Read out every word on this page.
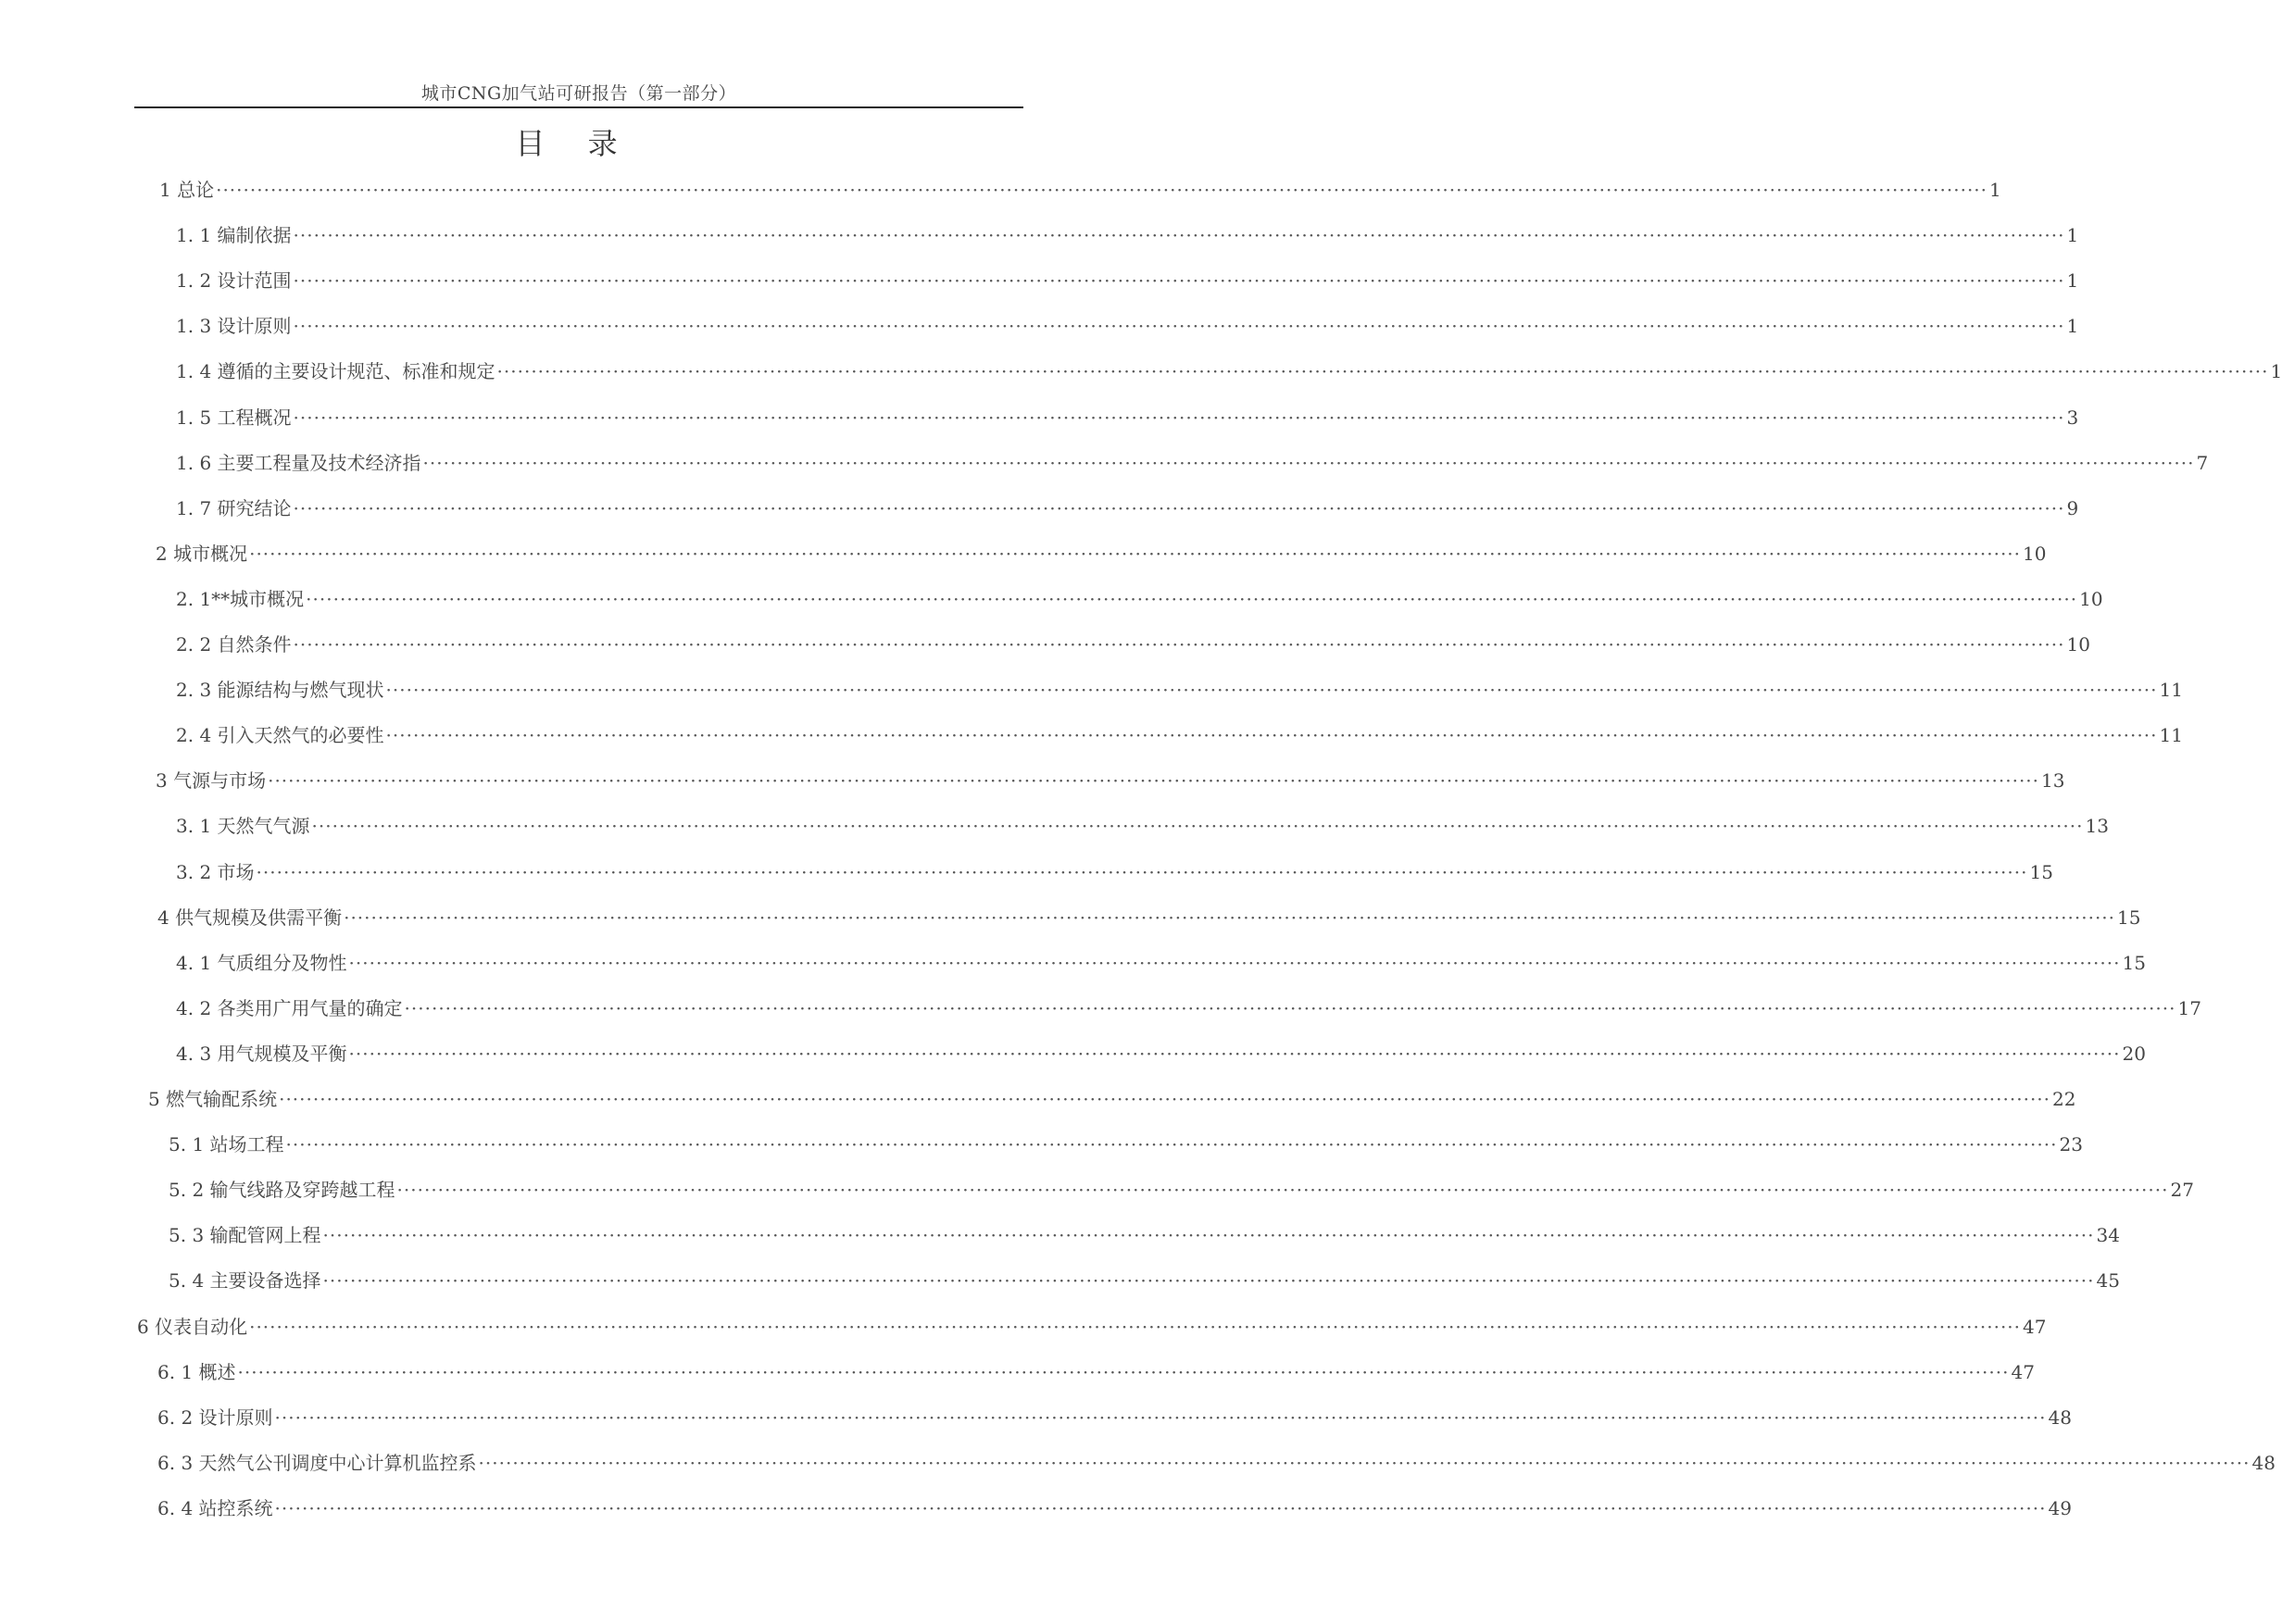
城市CNG加气站可研报告（第一部分）
目 录
1 总论 ···································································································································································································································································· 1
1. 1 编制依据 ···································································································································································································································································· 1
1. 2 设计范围 ···································································································································································································································································· 1
1. 3 设计原则 ···································································································································································································································································· 1
1. 4 遵循的主要设计规范、标准和规定 ···································································································································································································································································· 1
1. 5 工程概况 ···································································································································································································································································· 3
1. 6 主要工程量及技术经济指 ···································································································································································································································································· 7
1. 7 研究结论 ···································································································································································································································································· 9
2 城市概况 ···································································································································································································································································· 10
2. 1**城市概况 ···································································································································································································································································· 10
2. 2 自然条件 ···································································································································································································································································· 10
2. 3 能源结构与燃气现状 ···································································································································································································································································· 11
2. 4 引入天然气的必要性 ···································································································································································································································································· 11
3 气源与市场 ···································································································································································································································································· 13
3. 1 天然气气源 ···································································································································································································································································· 13
3. 2 市场 ···································································································································································································································································· 15
4 供气规模及供需平衡 ···································································································································································································································································· 15
4. 1 气质组分及物性 ···································································································································································································································································· 15
4. 2 各类用广用气量的确定 ···································································································································································································································································· 17
4. 3 用气规模及平衡 ···································································································································································································································································· 20
5 燃气输配系统 ···································································································································································································································································· 22
5. 1 站场工程 ···································································································································································································································································· 23
5. 2 输气线路及穿跨越工程 ···································································································································································································································································· 27
5. 3 输配管网上程 ···································································································································································································································································· 34
5. 4 主要设备选择 ···································································································································································································································································· 45
6 仪表自动化 ···································································································································································································································································· 47
6. 1 概述 ···································································································································································································································································· 47
6. 2 设计原则 ···································································································································································································································································· 48
6. 3 天然气公刊调度中心计算机监控系 ···································································································································································································································································· 48
6. 4 站控系统 ···································································································································································································································································· 49
